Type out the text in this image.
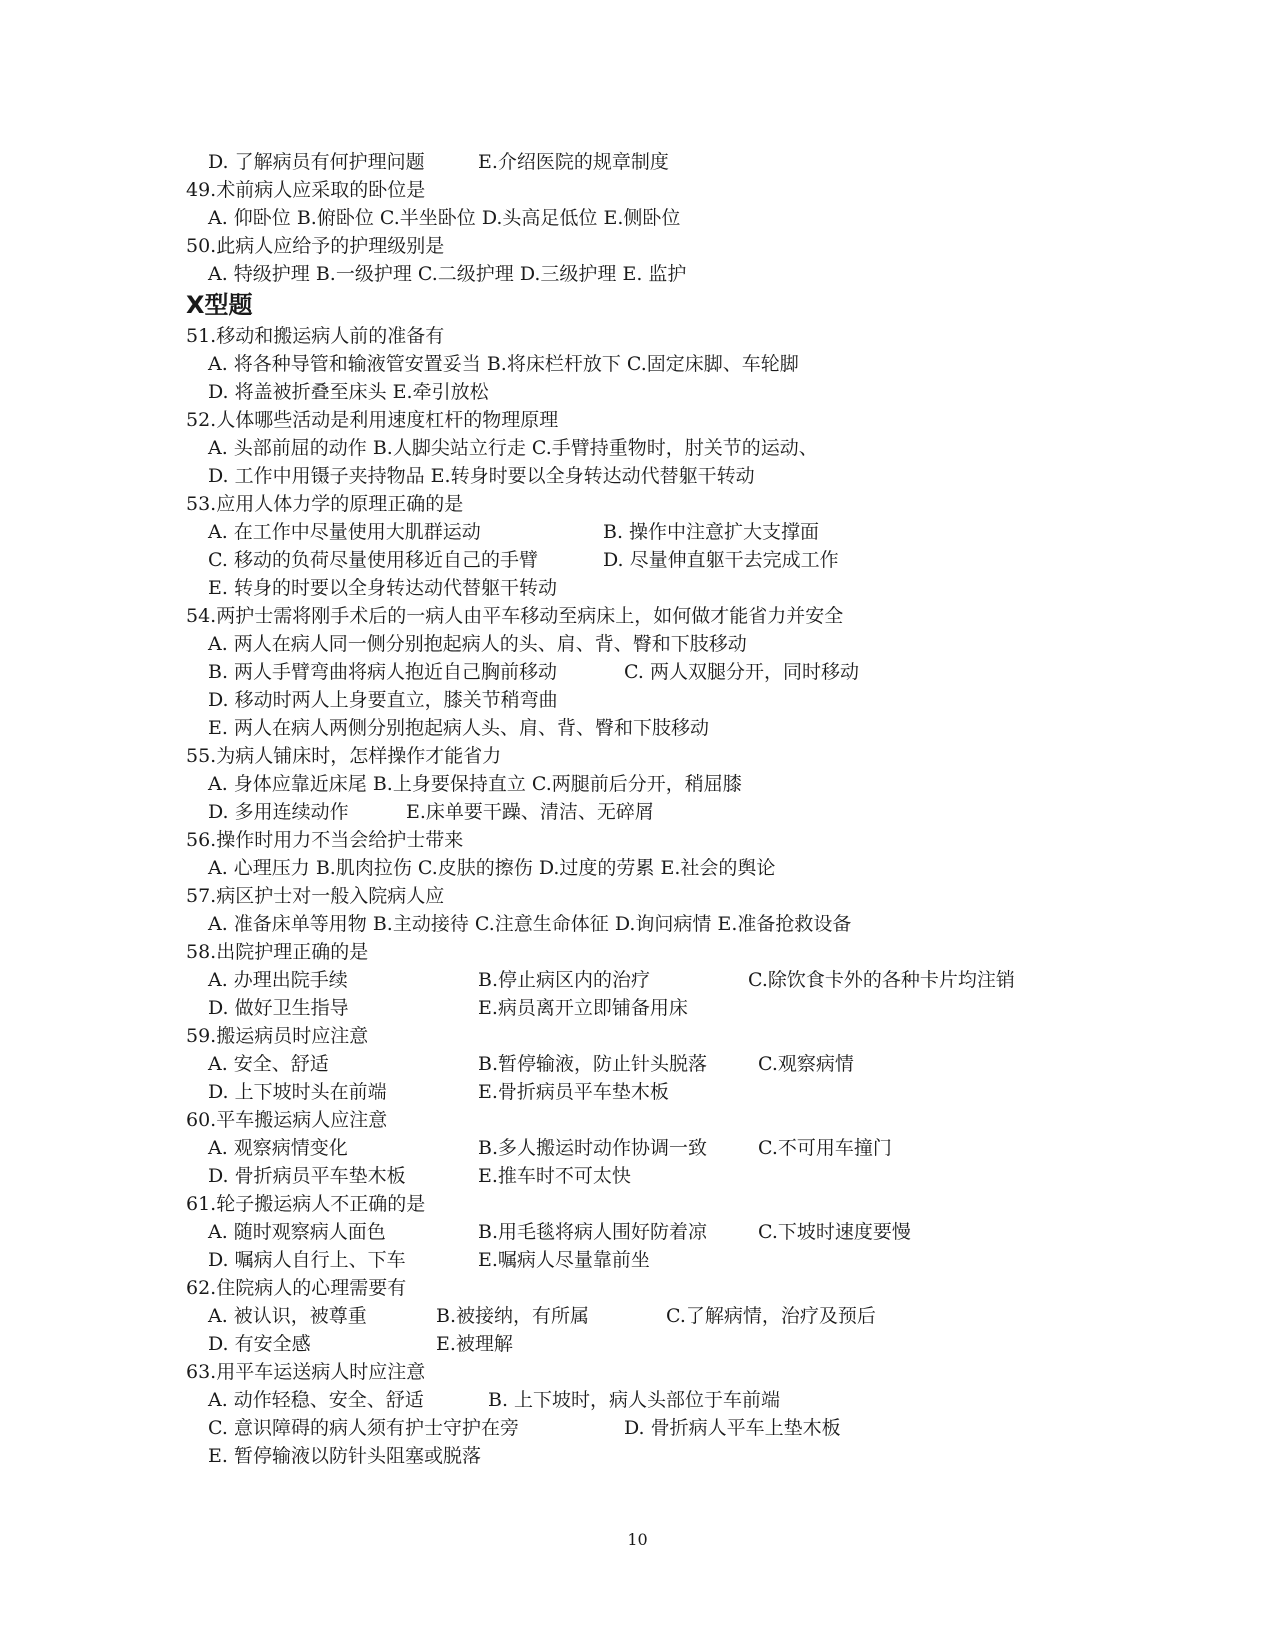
D. 了解病员有何护理问题	E.介绍医院的规章制度
49.术前病人应采取的卧位是
A. 仰卧位 B.俯卧位 C.半坐卧位 D.头高足低位 E.侧卧位
50.此病人应给予的护理级别是
A. 特级护理 B.一级护理 C.二级护理 D.三级护理 E. 监护
X型题
51.移动和搬运病人前的准备有
A. 将各种导管和输液管安置妥当 B.将床栏杆放下 C.固定床脚、车轮脚
D. 将盖被折叠至床头 E.牵引放松
52.人体哪些活动是利用速度杠杆的物理原理
A. 头部前屈的动作 B.人脚尖站立行走 C.手臂持重物时，肘关节的运动、
D. 工作中用镊子夹持物品 E.转身时要以全身转达动代替躯干转动
53.应用人体力学的原理正确的是
A. 在工作中尽量使用大肌群运动	B. 操作中注意扩大支撑面
C. 移动的负荷尽量使用移近自己的手臂	D. 尽量伸直躯干去完成工作
E. 转身的时要以全身转达动代替躯干转动
54.两护士需将刚手术后的一病人由平车移动至病床上，如何做才能省力并安全
A. 两人在病人同一侧分别抱起病人的头、肩、背、臀和下肢移动
B. 两人手臂弯曲将病人抱近自己胸前移动	C. 两人双腿分开，同时移动
D. 移动时两人上身要直立，膝关节稍弯曲
E. 两人在病人两侧分别抱起病人头、肩、背、臀和下肢移动
55.为病人铺床时，怎样操作才能省力
A. 身体应靠近床尾 B.上身要保持直立 C.两腿前后分开，稍屈膝
D. 多用连续动作	E.床单要干躁、清洁、无碎屑
56.操作时用力不当会给护士带来
A. 心理压力 B.肌肉拉伤 C.皮肤的擦伤 D.过度的劳累 E.社会的舆论
57.病区护士对一般入院病人应
A. 准备床单等用物 B.主动接待 C.注意生命体征 D.询问病情 E.准备抢救设备
58.出院护理正确的是
A. 办理出院手续	B.停止病区内的治疗	C.除饮食卡外的各种卡片均注销
D. 做好卫生指导	E.病员离开立即铺备用床
59.搬运病员时应注意
A. 安全、舒适	B.暂停输液，防止针头脱落	C.观察病情
D. 上下坡时头在前端	E.骨折病员平车垫木板
60.平车搬运病人应注意
A. 观察病情变化	B.多人搬运时动作协调一致	C.不可用车撞门
D. 骨折病员平车垫木板	E.推车时不可太快
61.轮子搬运病人不正确的是
A. 随时观察病人面色	B.用毛毯将病人围好防着凉	C.下坡时速度要慢
D. 嘱病人自行上、下车	E.嘱病人尽量靠前坐
62.住院病人的心理需要有
A. 被认识，被尊重	B.被接纳，有所属	C.了解病情，治疗及预后
D. 有安全感	E.被理解
63.用平车运送病人时应注意
A. 动作轻稳、安全、舒适	B. 上下坡时，病人头部位于车前端
C. 意识障碍的病人须有护士守护在旁	D. 骨折病人平车上垫木板
E. 暂停输液以防针头阻塞或脱落
10
